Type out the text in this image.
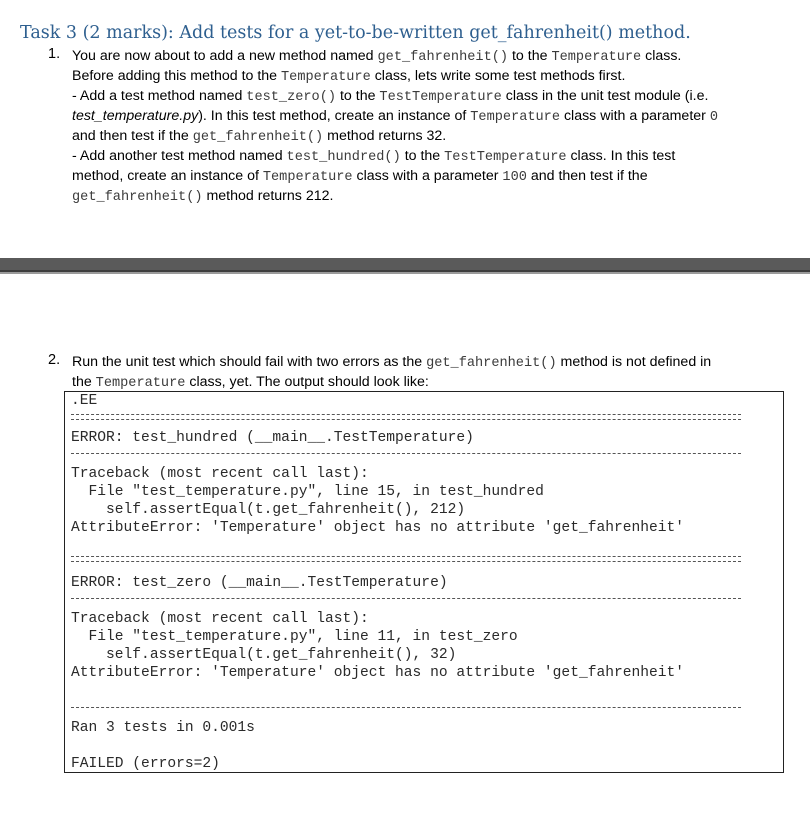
Task 3 (2 marks): Add tests for a yet-to-be-written get_fahrenheit() method.
1. You are now about to add a new method named get_fahrenheit() to the Temperature class.
Before adding this method to the Temperature class, lets write some test methods first.
- Add a test method named test_zero() to the TestTemperature class in the unit test module (i.e.
test_temperature.py). In this test method, create an instance of Temperature class with a parameter 0
and then test if the get_fahrenheit() method returns 32.
- Add another test method named test_hundred() to the TestTemperature class. In this test
method, create an instance of Temperature class with a parameter 100 and then test if the
get_fahrenheit() method returns 212.
2. Run the unit test which should fail with two errors as the get_fahrenheit() method is not defined in
the Temperature class, yet. The output should look like:
.EE
ERROR: test_hundred (__main__.TestTemperature)
Traceback (most recent call last):
File "test_temperature.py", line 15, in test_hundred
self.assertEqual(t.get_fahrenheit(), 212)
AttributeError: 'Temperature' object has no attribute 'get_fahrenheit'
ERROR: test_zero (__main__.TestTemperature)
Traceback (most recent call last):
File "test_temperature.py", line 11, in test_zero
self.assertEqual(t.get_fahrenheit(), 32)
AttributeError: 'Temperature' object has no attribute 'get_fahrenheit'
Ran 3 tests in 0.001s
FAILED (errors=2)
